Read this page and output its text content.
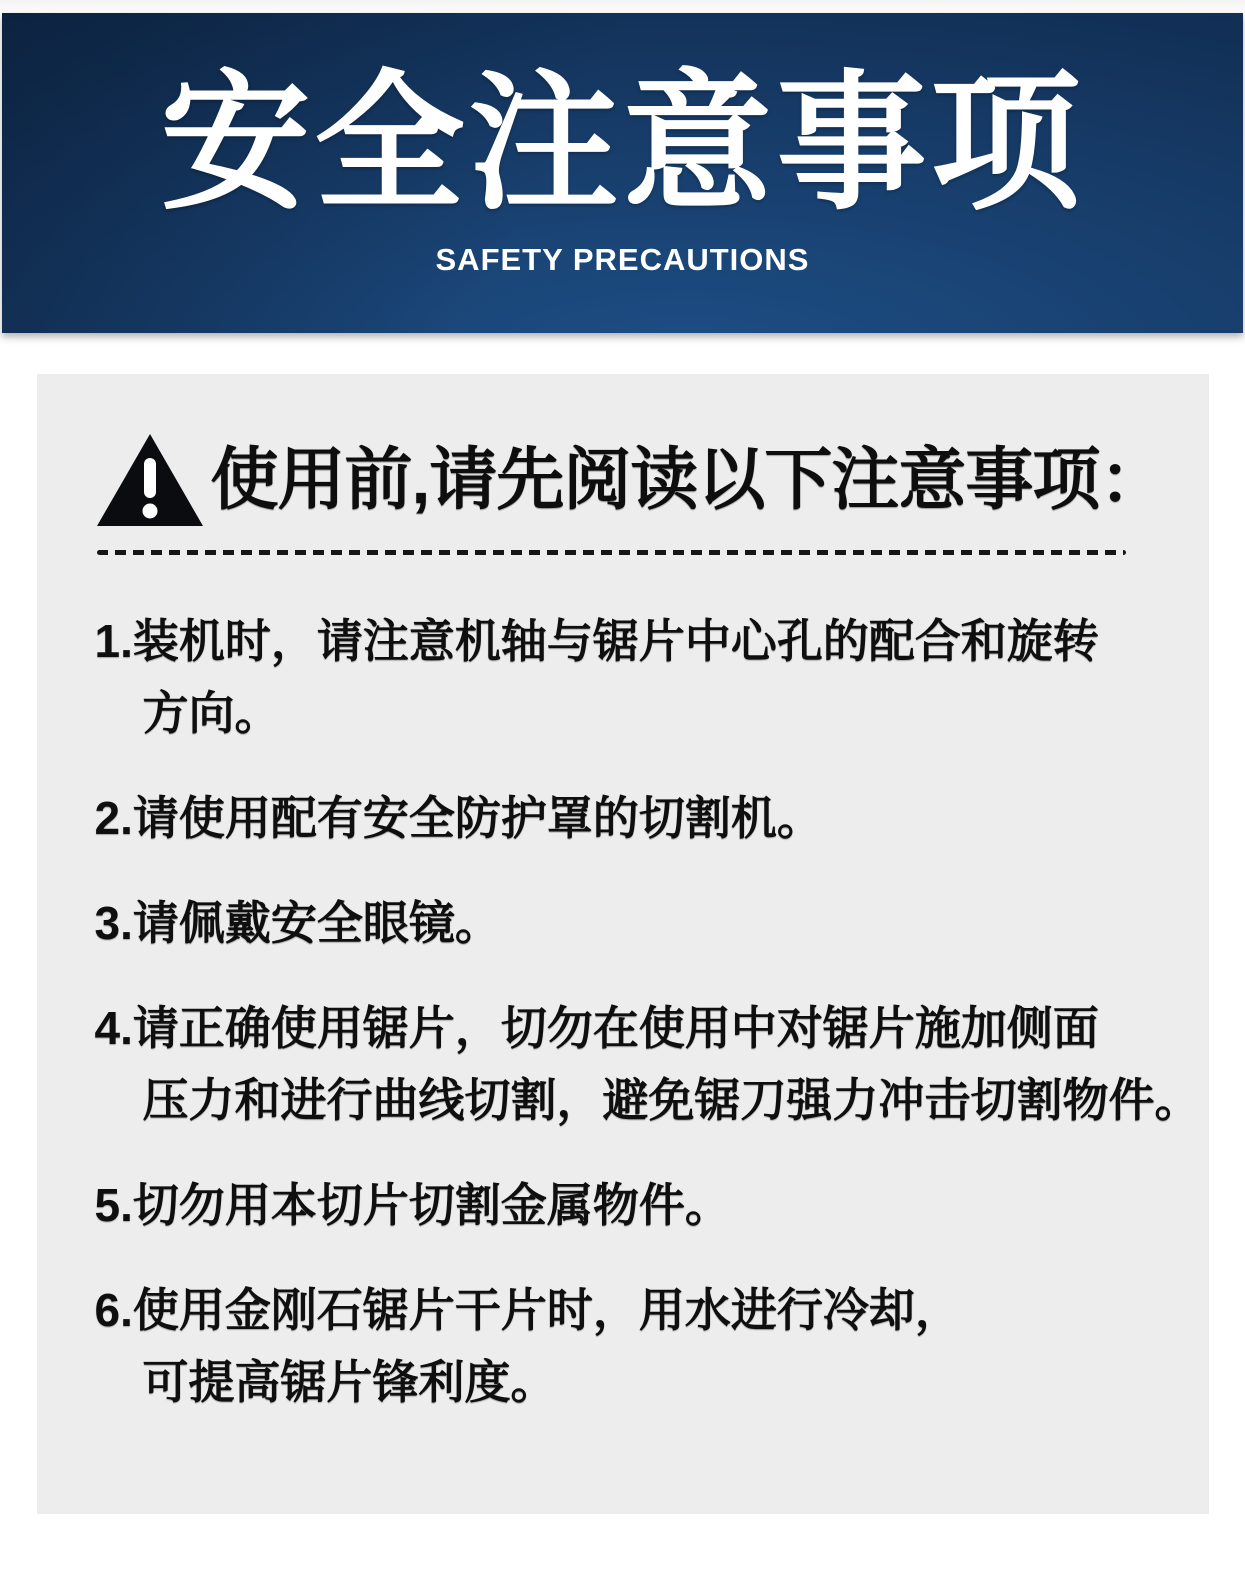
安全注意事项
SAFETY PRECAUTIONS
使用前,请先阅读以下注意事项：
1.装机时，请注意机轴与锯片中心孔的配合和旋转
方向。
2.请使用配有安全防护罩的切割机。
3.请佩戴安全眼镜。
4.请正确使用锯片，切勿在使用中对锯片施加侧面
压力和进行曲线切割，避免锯刀强力冲击切割物件。
5.切勿用本切片切割金属物件。
6.使用金刚石锯片干片时，用水进行冷却，
可提高锯片锋利度。
